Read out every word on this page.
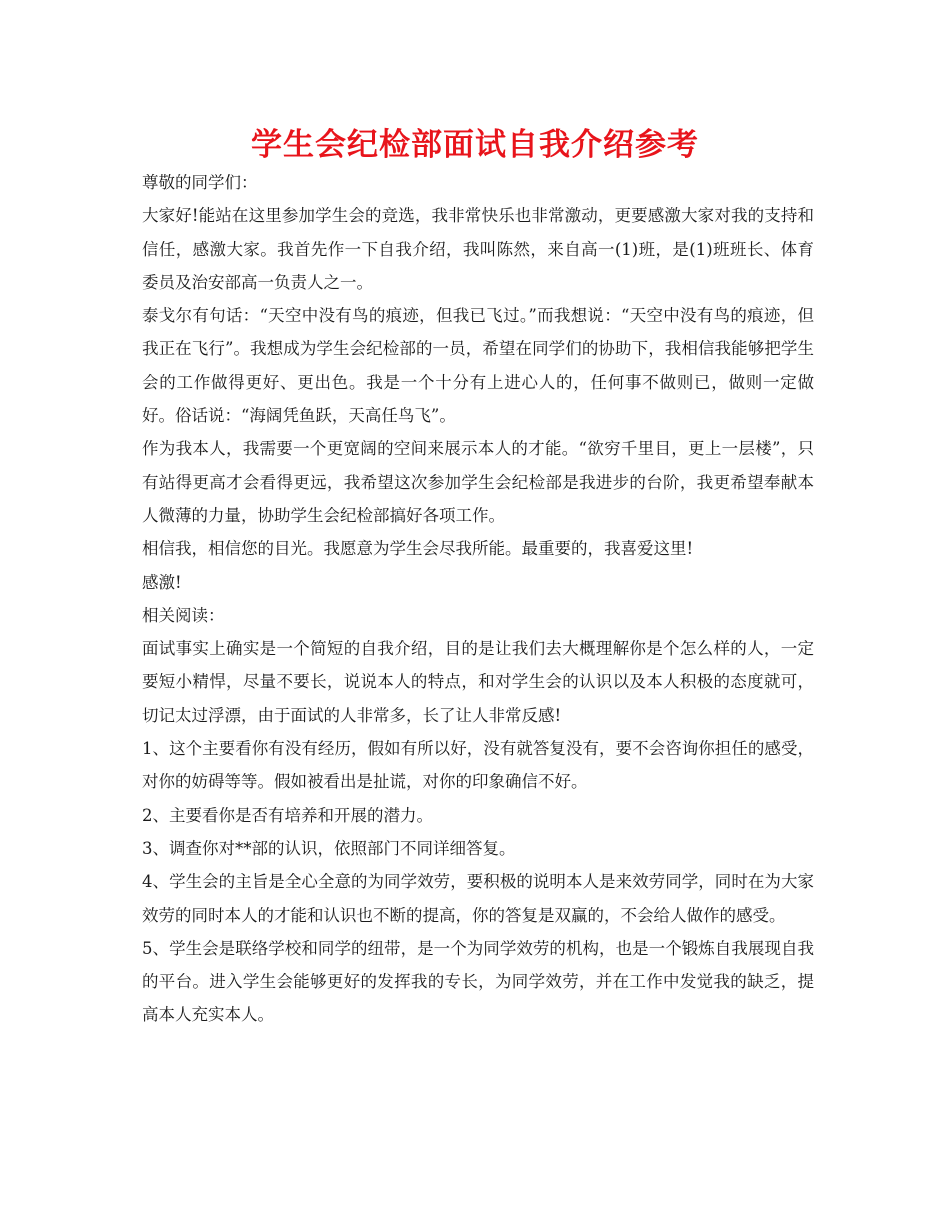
学生会纪检部面试自我介绍参考

尊敬的同学们：

大家好!能站在这里参加学生会的竞选，我非常快乐也非常激动，更要感激大家对我的支持和信任，感激大家。我首先作一下自我介绍，我叫陈然，来自高一(1)班，是(1)班班长、体育委员及治安部高一负责人之一。

泰戈尔有句话：“天空中没有鸟的痕迹，但我已飞过。”而我想说：“天空中没有鸟的痕迹，但我正在飞行”。我想成为学生会纪检部的一员，希望在同学们的协助下，我相信我能够把学生会的工作做得更好、更出色。我是一个十分有上进心人的，任何事不做则已，做则一定做好。俗话说：“海阔凭鱼跃，天高任鸟飞”。

作为我本人，我需要一个更宽阔的空间来展示本人的才能。“欲穷千里目，更上一层楼”，只有站得更高才会看得更远，我希望这次参加学生会纪检部是我进步的台阶，我更希望奉献本人微薄的力量，协助学生会纪检部搞好各项工作。

相信我，相信您的目光。我愿意为学生会尽我所能。最重要的，我喜爱这里!

感激!

相关阅读：

面试事实上确实是一个简短的自我介绍，目的是让我们去大概理解你是个怎么样的人，一定要短小精悍，尽量不要长，说说本人的特点，和对学生会的认识以及本人积极的态度就可，切记太过浮漂，由于面试的人非常多，长了让人非常反感!

1、这个主要看你有没有经历，假如有所以好，没有就答复没有，要不会咨询你担任的感受，对你的妨碍等等。假如被看出是扯谎，对你的印象确信不好。

2、主要看你是否有培养和开展的潜力。

3、调查你对**部的认识，依照部门不同详细答复。

4、学生会的主旨是全心全意的为同学效劳，要积极的说明本人是来效劳同学，同时在为大家效劳的同时本人的才能和认识也不断的提高，你的答复是双赢的，不会给人做作的感受。

5、学生会是联络学校和同学的纽带，是一个为同学效劳的机构，也是一个锻炼自我展现自我的平台。进入学生会能够更好的发挥我的专长，为同学效劳，并在工作中发觉我的缺乏，提高本人充实本人。
